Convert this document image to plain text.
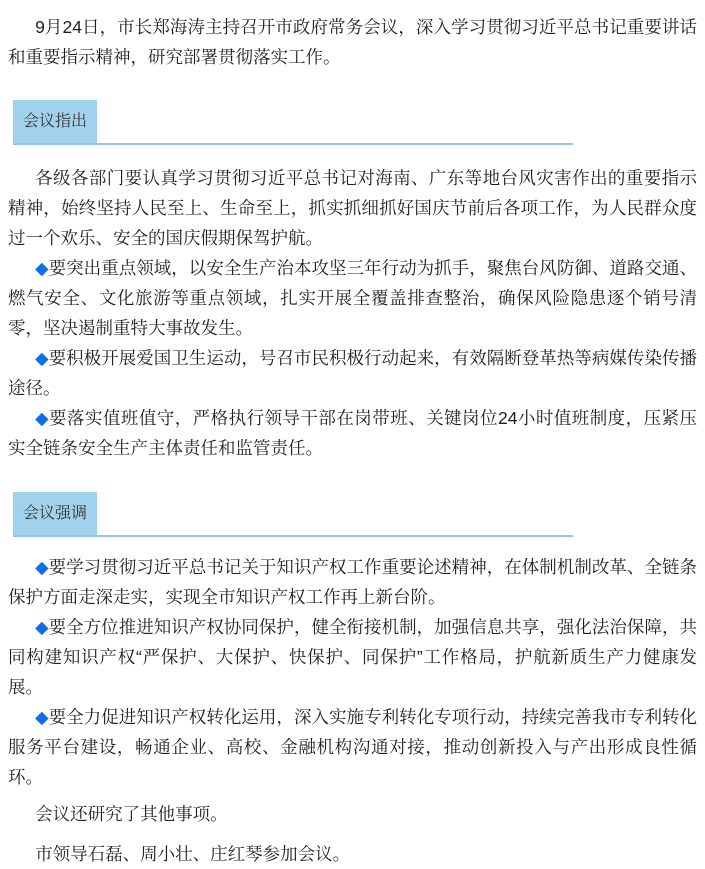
9月24日，市长郑海涛主持召开市政府常务会议，深入学习贯彻习近平总书记重要讲话和重要指示精神，研究部署贯彻落实工作。

会议指出

各级各部门要认真学习贯彻习近平总书记对海南、广东等地台风灾害作出的重要指示精神，始终坚持人民至上、生命至上，抓实抓细抓好国庆节前后各项工作，为人民群众度过一个欢乐、安全的国庆假期保驾护航。

◆要突出重点领域，以安全生产治本攻坚三年行动为抓手，聚焦台风防御、道路交通、燃气安全、文化旅游等重点领域，扎实开展全覆盖排查整治，确保风险隐患逐个销号清零，坚决遏制重特大事故发生。

◆要积极开展爱国卫生运动，号召市民积极行动起来，有效隔断登革热等病媒传染传播途径。

◆要落实值班值守，严格执行领导干部在岗带班、关键岗位24小时值班制度，压紧压实全链条安全生产主体责任和监管责任。

会议强调

◆要学习贯彻习近平总书记关于知识产权工作重要论述精神，在体制机制改革、全链条保护方面走深走实，实现全市知识产权工作再上新台阶。

◆要全方位推进知识产权协同保护，健全衔接机制，加强信息共享，强化法治保障，共同构建知识产权“严保护、大保护、快保护、同保护”工作格局，护航新质生产力健康发展。

◆要全力促进知识产权转化运用，深入实施专利转化专项行动，持续完善我市专利转化服务平台建设，畅通企业、高校、金融机构沟通对接，推动创新投入与产出形成良性循环。

会议还研究了其他事项。

市领导石磊、周小壮、庄红琴参加会议。
